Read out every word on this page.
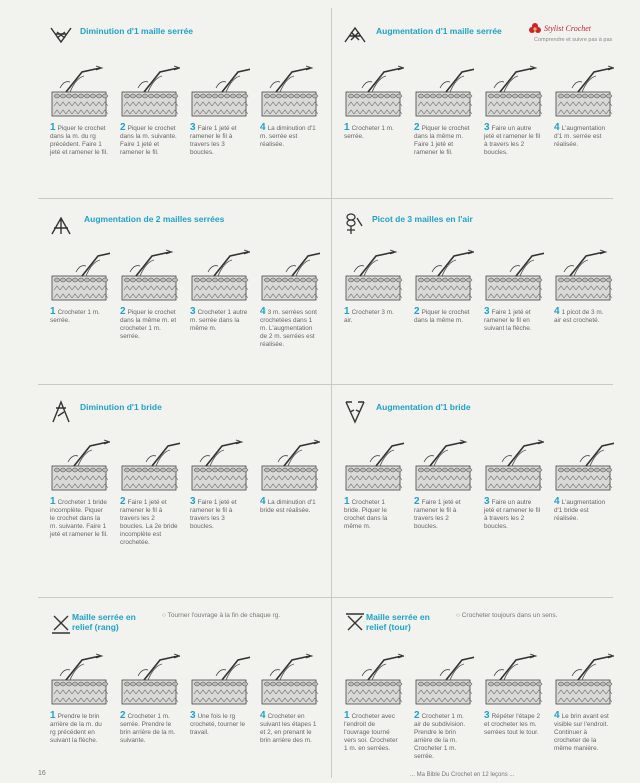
Stylist Crochet
Comprendre et suivre pas à pas
Diminution d'1 maille serrée
1 Piquer le crochet dans la m. du rg précédent. Faire 1 jeté et ramener le fil.
2 Piquer le crochet dans la m. suivante. Faire 1 jeté et ramener le fil.
3 Faire 1 jeté et ramener le fil à travers les 3 boucles.
4 La diminution d'1 m. serrée est réalisée.
Augmentation d'1 maille serrée
1 Crocheter 1 m. serrée.
2 Piquer le crochet dans la même m. Faire 1 jeté et ramener le fil.
3 Faire un autre jeté et ramener le fil à travers les 2 boucles.
4 L'augmentation d'1 m. serrée est réalisée.
Augmentation de 2 mailles serrées
1 Crocheter 1 m. serrée.
2 Piquer le crochet dans la même m. et crocheter 1 m. serrée.
3 Crocheter 1 autre m. serrée dans la même m.
4 3 m. serrées sont crochetées dans 1 m. L'augmentation de 2 m. serrées est réalisée.
Picot de 3 mailles en l'air
1 Crocheter 3 m. air.
2 Piquer le crochet dans la même m.
3 Faire 1 jeté et ramener le fil en suivant la flèche.
4 1 picot de 3 m. air est crocheté.
Diminution d'1 bride
1 Crocheter 1 bride incomplète. Piquer le crochet dans la m. suivante. Faire 1 jeté et ramener le fil.
2 Faire 1 jeté et ramener le fil à travers les 2 boucles. La 2e bride incomplète est crochetée.
3 Faire 1 jeté et ramener le fil à travers les 3 boucles.
4 La diminution d'1 bride est réalisée.
Augmentation d'1 bride
1 Crocheter 1 bride. Piquer le crochet dans la même m.
2 Faire 1 jeté et ramener le fil à travers les 2 boucles.
3 Faire un autre jeté et ramener le fil à travers les 2 boucles.
4 L'augmentation d'1 bride est réalisée.
Maille serrée en relief (rang)
○ Tourner l'ouvrage à la fin de chaque rg.
1 Prendre le brin arrière de la m. du rg précédent en suivant la flèche.
2 Crocheter 1 m. serrée. Prendre le brin arrière de la m. suivante.
3 Une fois le rg crocheté, tourner le travail.
4 Crocheter en suivant les étapes 1 et 2, en prenant le brin arrière des m.
Maille serrée en relief (tour)
○ Crocheter toujours dans un sens.
1 Crocheter avec l'endroit de l'ouvrage tourné vers soi. Crocheter 1 m. en serrées.
2 Crocheter 1 m. air de subdivision. Prendre le brin arrière de la m. Crocheter 1 m. serrée.
3 Répéter l'étape 2 et crocheter les m. serrées tout le tour.
4 Le brin avant est visible sur l'endroit. Continuer à crocheter de la même manière.
16	... Ma Bible Du Crochet en 12 leçons ...
